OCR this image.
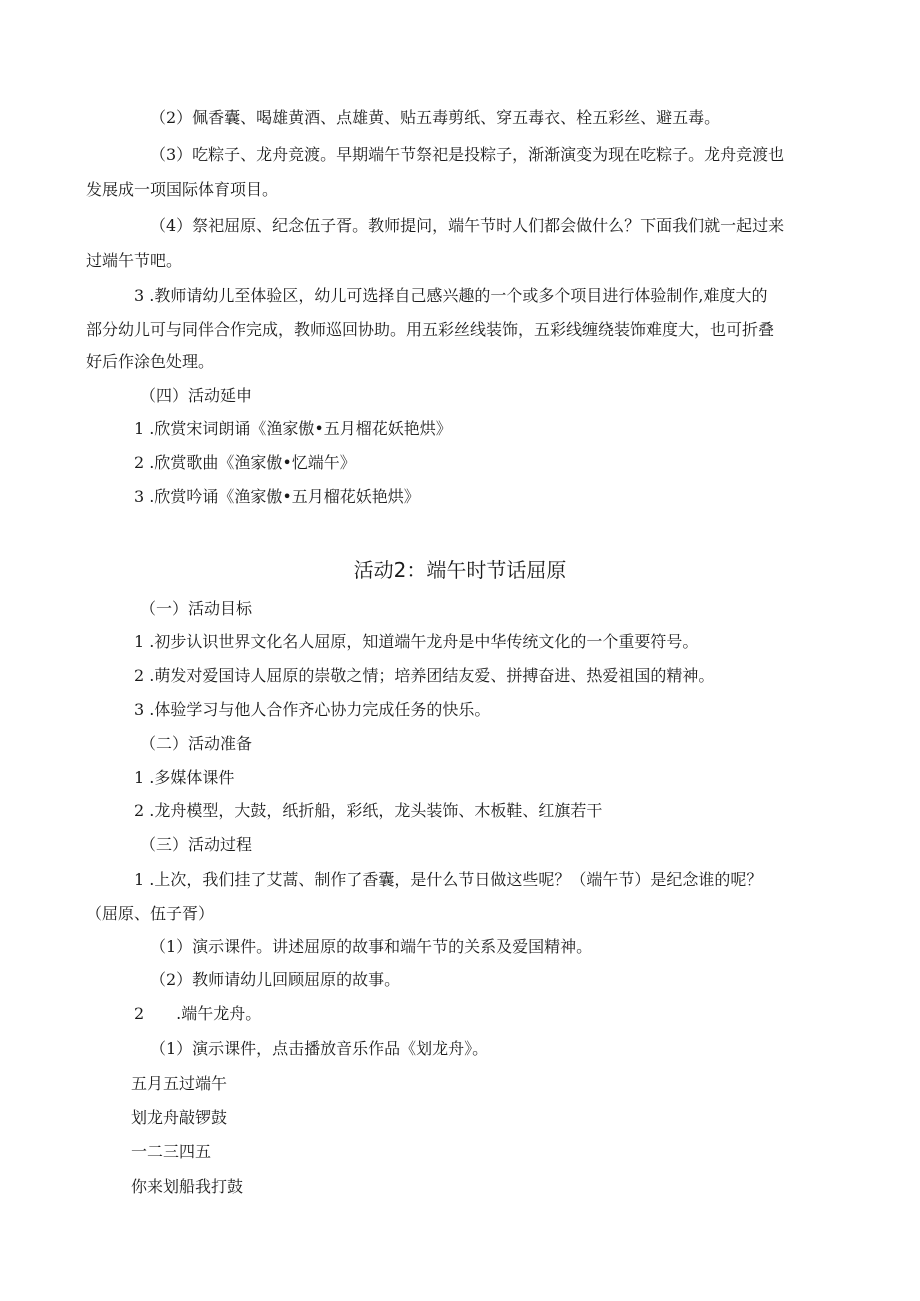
（2）佩香囊、喝雄黄酒、点雄黄、贴五毒剪纸、穿五毒衣、栓五彩丝、避五毒。
（3）吃粽子、龙舟竞渡。早期端午节祭祀是投粽子，渐渐演变为现在吃粽子。龙舟竞渡也
发展成一项国际体育项目。
（4）祭祀屈原、纪念伍子胥。教师提问，端午节时人们都会做什么？下面我们就一起过来
过端午节吧。
3 .教师请幼儿至体验区，幼儿可选择自己感兴趣的一个或多个项目进行体验制作,难度大的
部分幼儿可与同伴合作完成，教师巡回协助。用五彩丝线装饰，五彩线缠绕装饰难度大，也可折叠
好后作涂色处理。
（四）活动延申
1 .欣赏宋词朗诵《渔家傲•五月榴花妖艳烘》
2 .欣赏歌曲《渔家傲•忆端午》
3 .欣赏吟诵《渔家傲•五月榴花妖艳烘》
活动2：端午时节话屈原
（一）活动目标
1 .初步认识世界文化名人屈原，知道端午龙舟是中华传统文化的一个重要符号。
2 .萌发对爱国诗人屈原的崇敬之情；培养团结友爱、拼搏奋进、热爱祖国的精神。
3 .体验学习与他人合作齐心协力完成任务的快乐。
（二）活动准备
1 .多媒体课件
2 .龙舟模型，大鼓，纸折船，彩纸，龙头装饰、木板鞋、红旗若干
（三）活动过程
1 .上次，我们挂了艾蒿、制作了香囊，是什么节日做这些呢？（端午节）是纪念谁的呢？
（屈原、伍子胥）
（1）演示课件。讲述屈原的故事和端午节的关系及爱国精神。
（2）教师请幼儿回顾屈原的故事。
2　　.端午龙舟。
（1）演示课件，点击播放音乐作品《划龙舟》。
五月五过端午
划龙舟敲锣鼓
一二三四五
你来划船我打鼓
